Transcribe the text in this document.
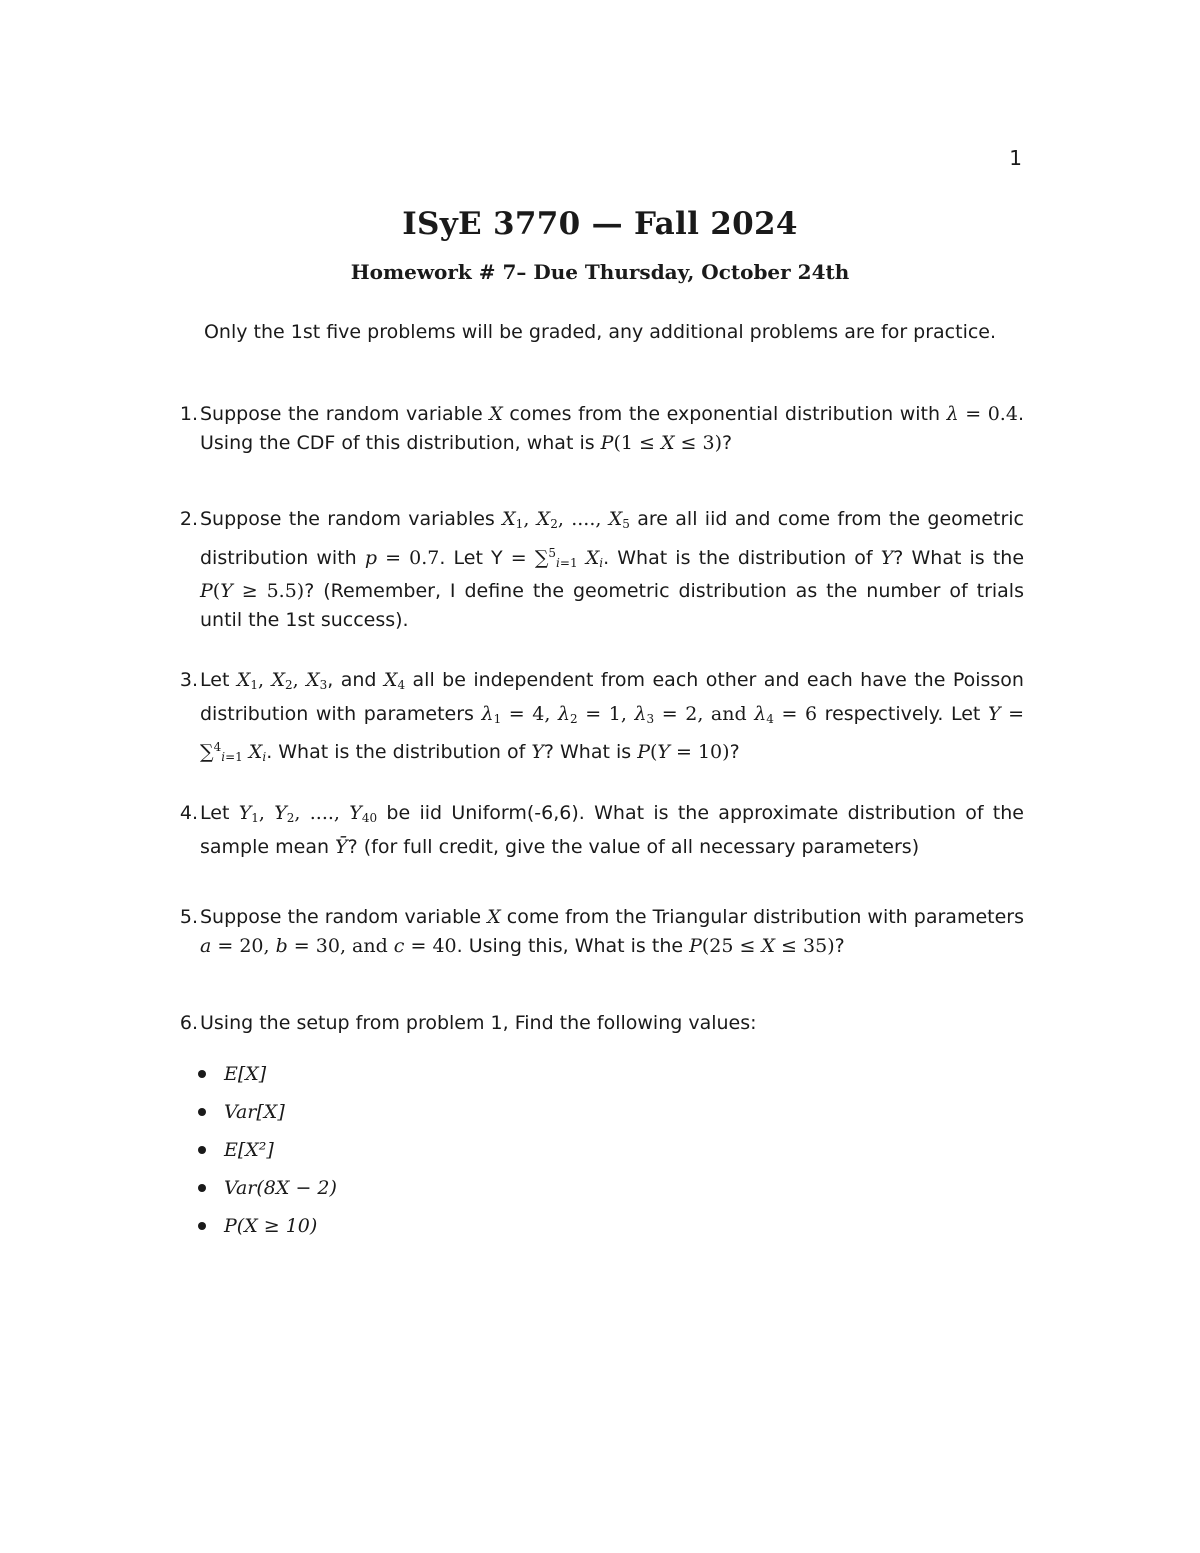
1
ISyE 3770 — Fall 2024
Homework # 7– Due Thursday, October 24th
Only the 1st five problems will be graded, any additional problems are for practice.
1. Suppose the random variable X comes from the exponential distribution with λ = 0.4. Using the CDF of this distribution, what is P(1 ≤ X ≤ 3)?
2. Suppose the random variables $X_1$, $X_2$, ...., $X_5$ are all iid and come from the geometric distribution with p = 0.7. Let Y = ∑$^5_{i=1}$ $X_i$. What is the distribution of Y? What is the P(Y ≥ 5.5)? (Remember, I define the geometric distribution as the number of trials until the 1st success).
3. Let $X_1$, $X_2$, $X_3$, and $X_4$ all be independent from each other and each have the Poisson distribution with parameters $\lambda_1 = 4$, $\lambda_2 = 1$, $\lambda_3 = 2$, and $\lambda_4 = 6$ respectively. Let Y = ∑$^4_{i=1}$ $X_i$. What is the distribution of Y? What is P(Y = 10)?
4. Let $Y_1$, $Y_2$, ...., $Y_{40}$ be iid Uniform(-6,6). What is the approximate distribution of the sample mean Ȳ? (for full credit, give the value of all necessary parameters)
5. Suppose the random variable X come from the Triangular distribution with parameters a = 20, b = 30, and c = 40. Using this, What is the P(25 ≤ X ≤ 35)?
6. Using the setup from problem 1, Find the following values:
E[X]
Var[X]
E[X²]
Var(8X − 2)
P(X ≥ 10)
